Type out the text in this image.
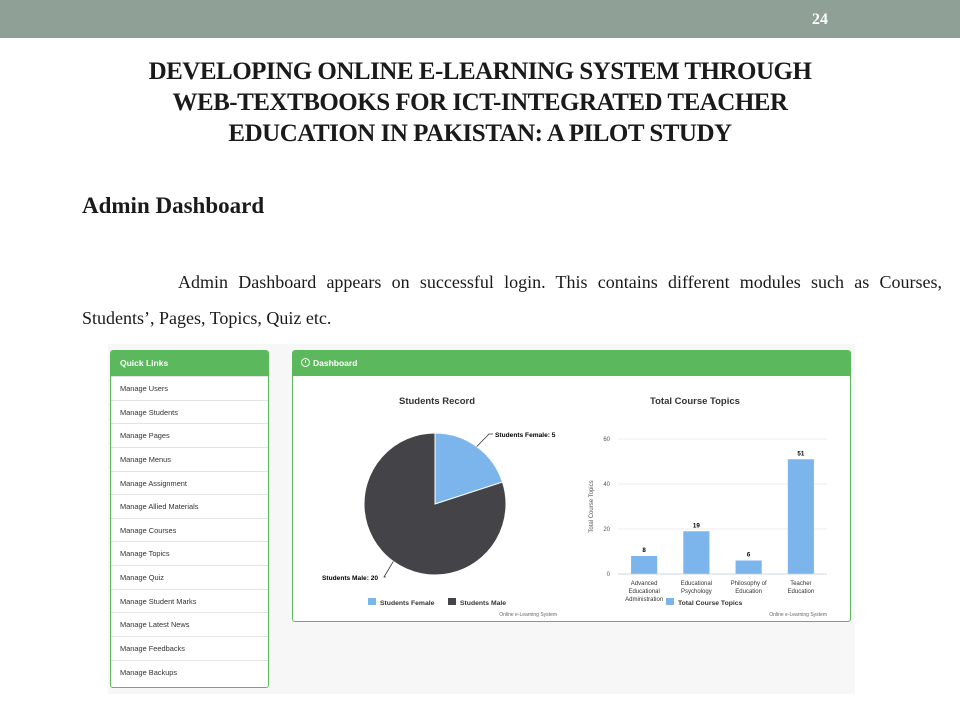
24
DEVELOPING ONLINE E-LEARNING SYSTEM THROUGH
WEB-TEXTBOOKS FOR ICT-INTEGRATED TEACHER
EDUCATION IN PAKISTAN: A PILOT STUDY
Admin Dashboard
Admin Dashboard appears on successful login. This contains different modules such as Courses, Students’, Pages, Topics, Quiz etc.
Quick Links
Manage Users
Manage Students
Manage Pages
Manage Menus
Manage Assignment
Manage Allied Materials
Manage Courses
Manage Topics
Manage Quiz
Manage Student Marks
Manage Latest News
Manage Feedbacks
Manage Backups
Dashboard
Students Record
Students Female: 5
Students Male: 20
Students Female	Students Male
Online e-Learning System
Total Course Topics
0
20
40
60
Total Course Topics
8
Advanced
Educational
Administration
19
Educational
Psychology
6
Philosophy of
Education
51
Teacher
Education
Total Course Topics
Online e-Learning System
